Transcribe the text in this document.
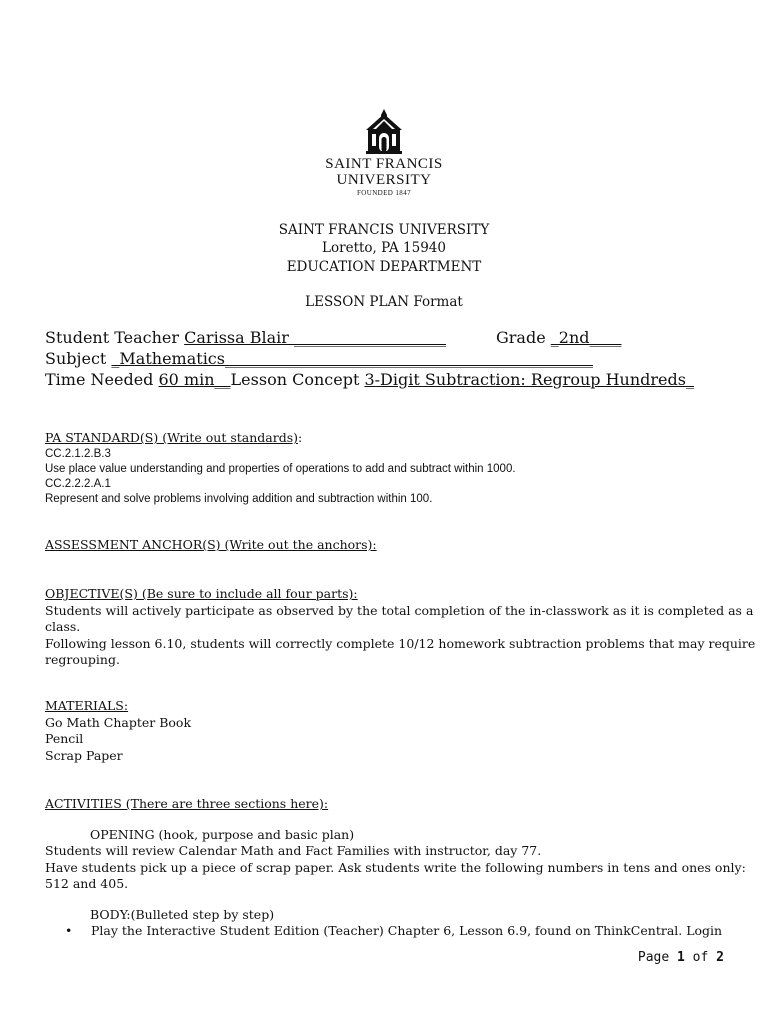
SAINT FRANCIS
UNIVERSITY
FOUNDED 1847
SAINT FRANCIS UNIVERSITY
Loretto, PA 15940
EDUCATION DEPARTMENT
LESSON PLAN Format
Student Teacher Carissa Blair ___________________	Grade _2nd____
Subject _Mathematics______________________________________________
Time Needed 60 min__Lesson Concept 3-Digit Subtraction: Regroup Hundreds_
PA STANDARD(S) (Write out standards):
CC.2.1.2.B.3
Use place value understanding and properties of operations to add and subtract within 1000.
CC.2.2.2.A.1
Represent and solve problems involving addition and subtraction within 100.
ASSESSMENT ANCHOR(S) (Write out the anchors):
OBJECTIVE(S) (Be sure to include all four parts):
Students will actively participate as observed by the total completion of the in-classwork as it is completed as a
class.
Following lesson 6.10, students will correctly complete 10/12 homework subtraction problems that may require
regrouping.
MATERIALS:
Go Math Chapter Book
Pencil
Scrap Paper
ACTIVITIES (There are three sections here):
OPENING (hook, purpose and basic plan)
Students will review Calendar Math and Fact Families with instructor, day 77.
Have students pick up a piece of scrap paper. Ask students write the following numbers in tens and ones only:
512 and 405.
BODY:(Bulleted step by step)
• Play the Interactive Student Edition (Teacher) Chapter 6, Lesson 6.9, found on ThinkCentral. Login
Page 1 of 2
